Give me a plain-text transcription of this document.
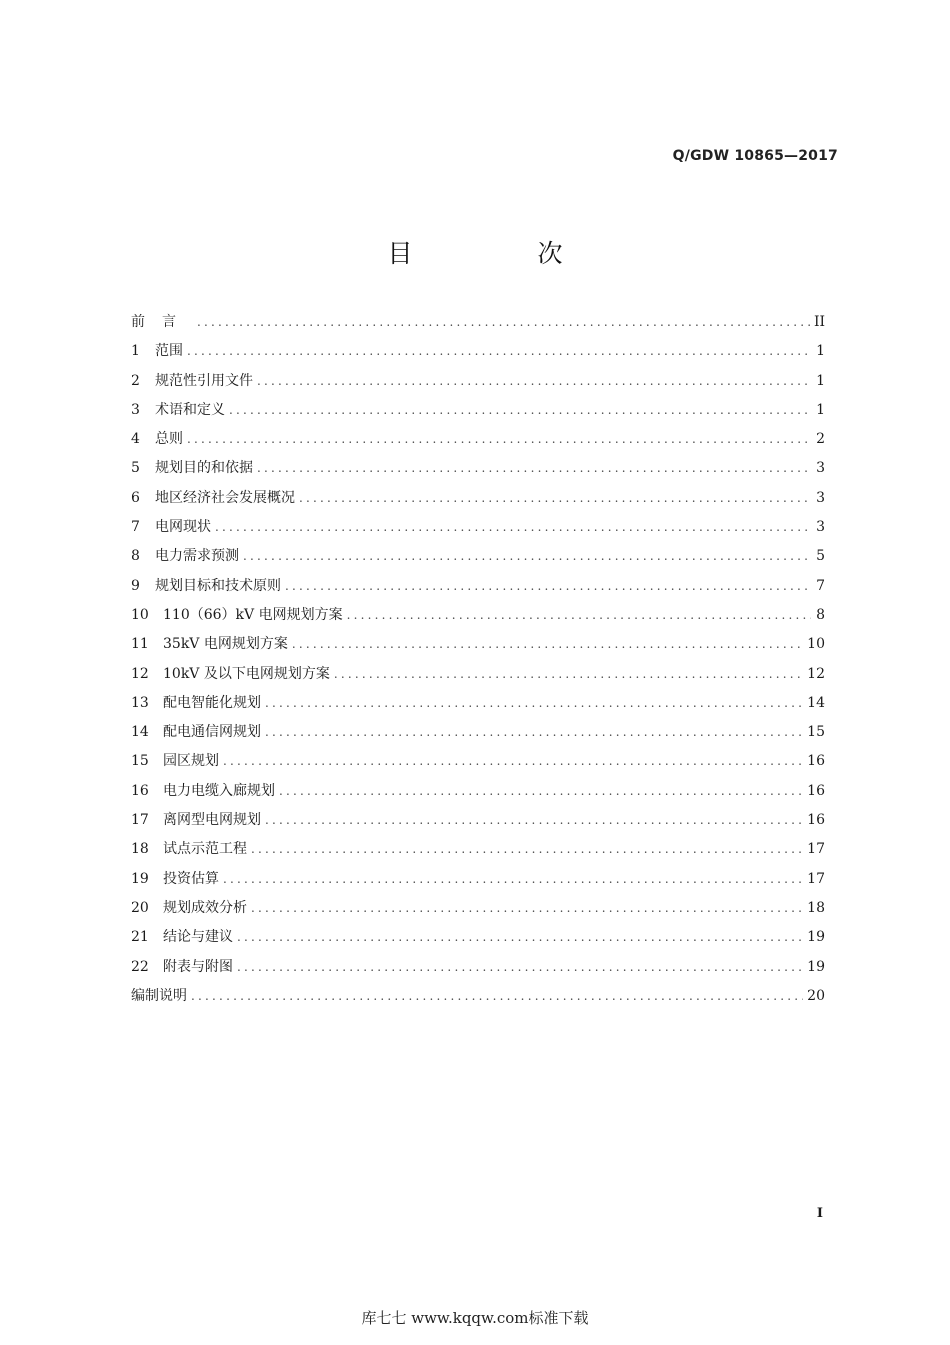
Q/GDW 10865—2017
目　次
前言 .....	II
1	范围 .....	1
2	规范性引用文件 .....	1
3	术语和定义 .....	1
4	总则 .....	2
5	规划目的和依据 .....	3
6	地区经济社会发展概况 .....	3
7	电网现状 .....	3
8	电力需求预测 .....	5
9	规划目标和技术原则 .....	7
10	110（66）kV 电网规划方案 .....	8
11	35kV 电网规划方案 .....	10
12	10kV 及以下电网规划方案 .....	12
13	配电智能化规划 .....	14
14	配电通信网规划 .....	15
15	园区规划 .....	16
16	电力电缆入廊规划 .....	16
17	离网型电网规划 .....	16
18	试点示范工程 .....	17
19	投资估算 .....	17
20	规划成效分析 .....	18
21	结论与建议 .....	19
22	附表与附图 .....	19
编制说明 .....	20
I
库七七 www.kqqw.com标准下载
